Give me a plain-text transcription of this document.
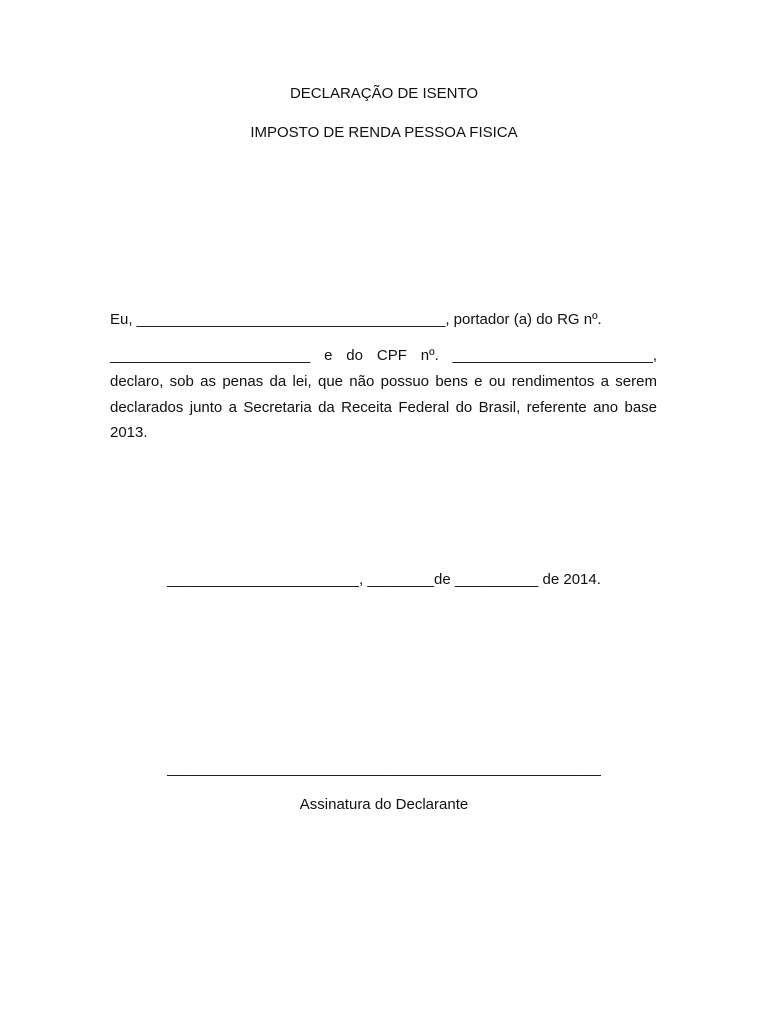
DECLARAÇÃO DE ISENTO
IMPOSTO DE RENDA PESSOA FISICA
Eu, _____________________________________, portador (a) do RG nº.
________________________ e do CPF nº. ________________________,
declaro, sob as penas da lei, que não possuo bens e ou rendimentos a serem
declarados junto a Secretaria da Receita Federal do Brasil, referente ano base
2013.
_______________________, ________de __________ de 2014.
____________________________________________________
Assinatura do Declarante
